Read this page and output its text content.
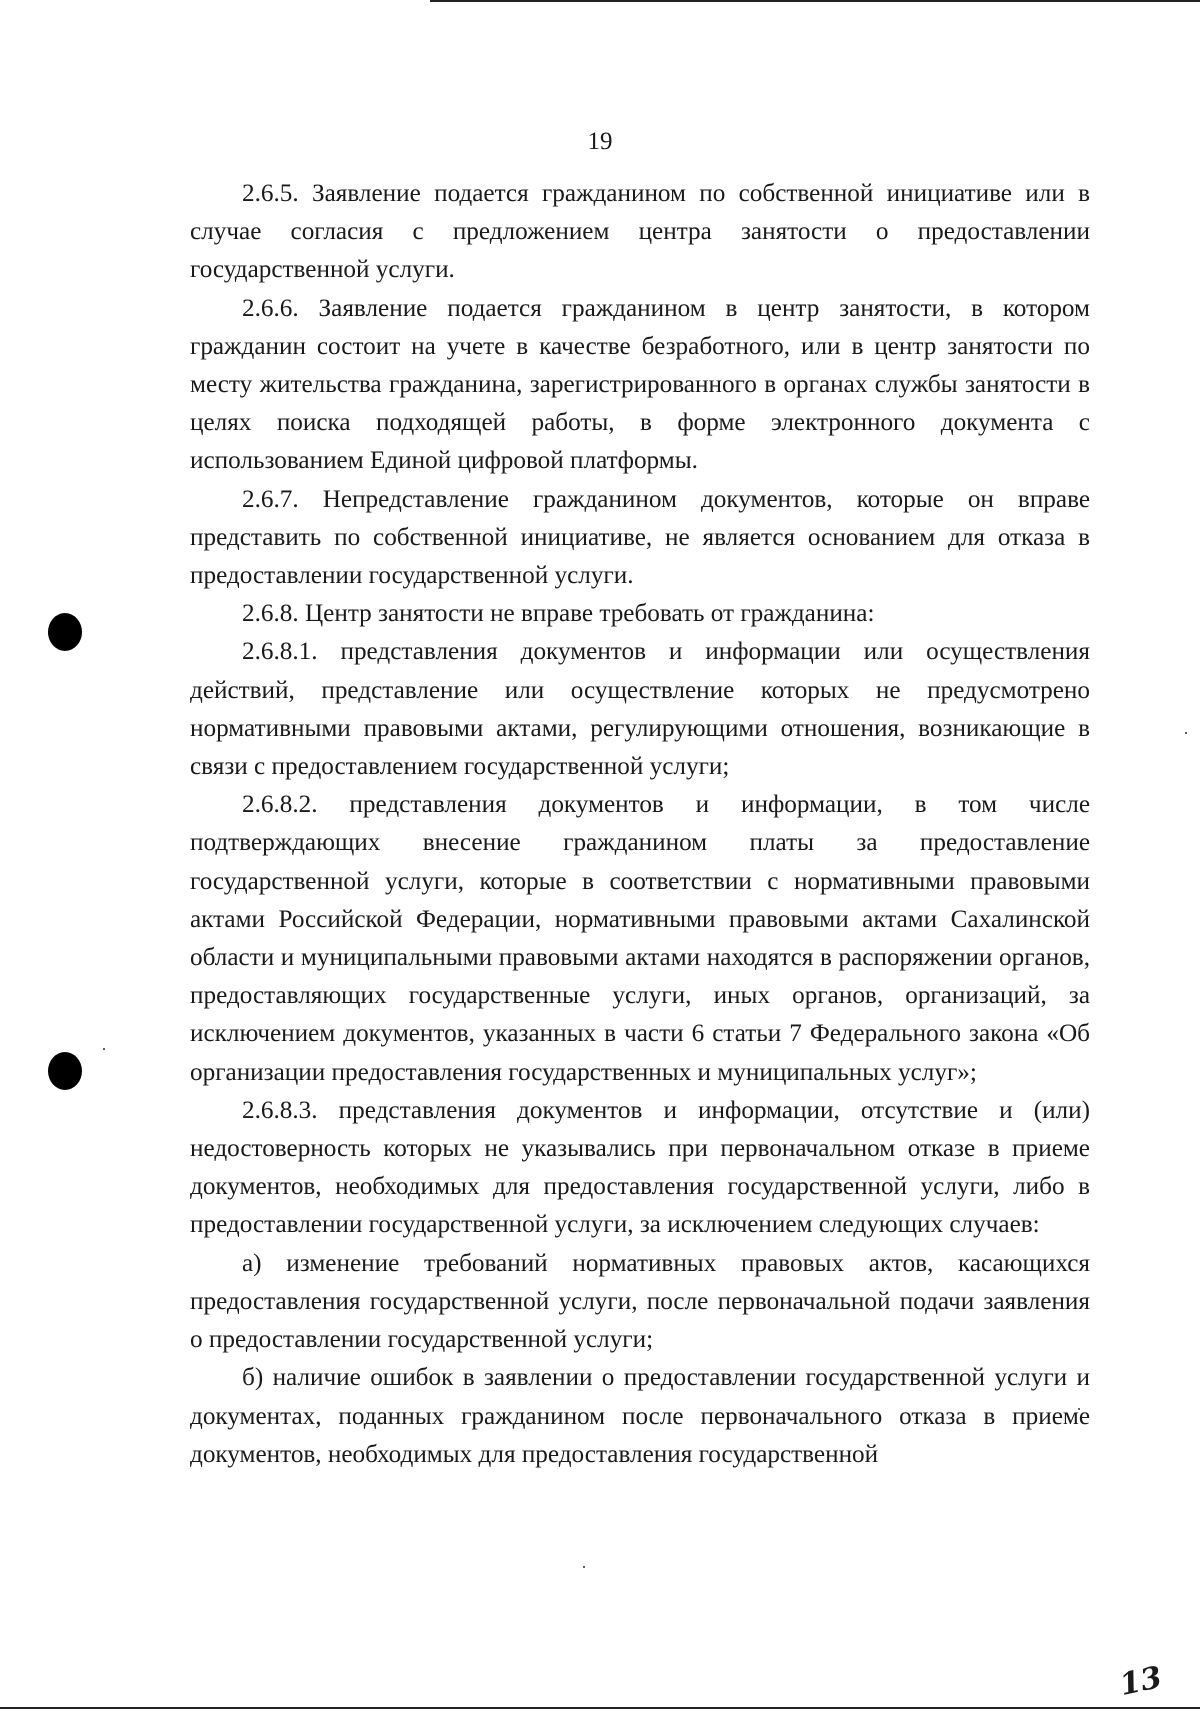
19

2.6.5. Заявление подается гражданином по собственной инициативе или в случае согласия с предложением центра занятости о предоставлении государственной услуги.

2.6.6. Заявление подается гражданином в центр занятости, в котором гражданин состоит на учете в качестве безработного, или в центр занятости по месту жительства гражданина, зарегистрированного в органах службы занятости в целях поиска подходящей работы, в форме электронного документа с использованием Единой цифровой платформы.

2.6.7. Непредставление гражданином документов, которые он вправе представить по собственной инициативе, не является основанием для отказа в предоставлении государственной услуги.

2.6.8. Центр занятости не вправе требовать от гражданина:

2.6.8.1. представления документов и информации или осуществления действий, представление или осуществление которых не предусмотрено нормативными правовыми актами, регулирующими отношения, возникающие в связи с предоставлением государственной услуги;

2.6.8.2. представления документов и информации, в том числе подтверждающих внесение гражданином платы за предоставление государственной услуги, которые в соответствии с нормативными правовыми актами Российской Федерации, нормативными правовыми актами Сахалинской области и муниципальными правовыми актами находятся в распоряжении органов, предоставляющих государственные услуги, иных органов, организаций, за исключением документов, указанных в части 6 статьи 7 Федерального закона «Об организации предоставления государственных и муниципальных услуг»;

2.6.8.3. представления документов и информации, отсутствие и (или) недостоверность которых не указывались при первоначальном отказе в приеме документов, необходимых для предоставления государственной услуги, либо в предоставлении государственной услуги, за исключением следующих случаев:

а) изменение требований нормативных правовых актов, касающихся предоставления государственной услуги, после первоначальной подачи заявления о предоставлении государственной услуги;

б) наличие ошибок в заявлении о предоставлении государственной услуги и документах, поданных гражданином после первоначального отказа в приеме документов, необходимых для предоставления государственной

13
